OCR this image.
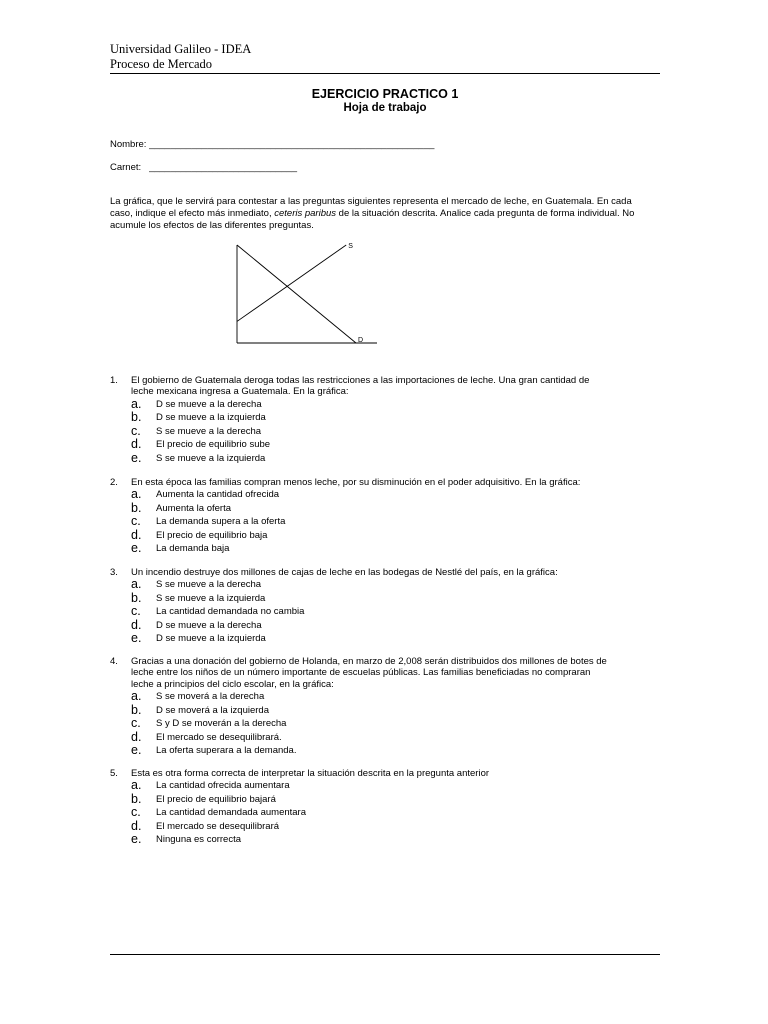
Universidad Galileo - IDEA
Proceso de Mercado
EJERCICIO PRACTICO 1
Hoja de trabajo
Nombre: ______________________________________________________
Carnet: ____________________________
La gráfica, que le servirá para contestar a las preguntas siguientes representa el mercado de leche, en Guatemala. En cada caso, indique el efecto más inmediato, ceteris paribus de la situación descrita. Analice cada pregunta de forma individual. No acumule los efectos de las diferentes preguntas.
S
D
1. El gobierno de Guatemala deroga todas las restricciones a las importaciones de leche. Una gran cantidad de
leche mexicana ingresa a Guatemala. En la gráfica:
a. D se mueve a la derecha
b. D se mueve a la izquierda
c. S se mueve a la derecha
d. El precio de equilibrio sube
e. S se mueve a la izquierda
2. En esta época las familias compran menos leche, por su disminución en el poder adquisitivo. En la gráfica:
a. Aumenta la cantidad ofrecida
b. Aumenta la oferta
c. La demanda supera a la oferta
d. El precio de equilibrio baja
e. La demanda baja
3. Un incendio destruye dos millones de cajas de leche en las bodegas de Nestlé del país, en la gráfica:
a. S se mueve a la derecha
b. S se mueve a la izquierda
c. La cantidad demandada no cambia
d. D se mueve a la derecha
e. D se mueve a la izquierda
4. Gracias a una donación del gobierno de Holanda, en marzo de 2,008 serán distribuidos dos millones de botes de
leche entre los niños de un número importante de escuelas públicas. Las familias beneficiadas no compraran
leche a principios del ciclo escolar, en la gráfica:
a. S se moverá a la derecha
b. D se moverá a la izquierda
c. S y D se moverán a la derecha
d. El mercado se desequilibrará.
e. La oferta superara a la demanda.
5. Esta es otra forma correcta de interpretar la situación descrita en la pregunta anterior
a. La cantidad ofrecida aumentara
b. El precio de equilibrio bajará
c. La cantidad demandada aumentara
d. El mercado se desequilibrará
e. Ninguna es correcta
